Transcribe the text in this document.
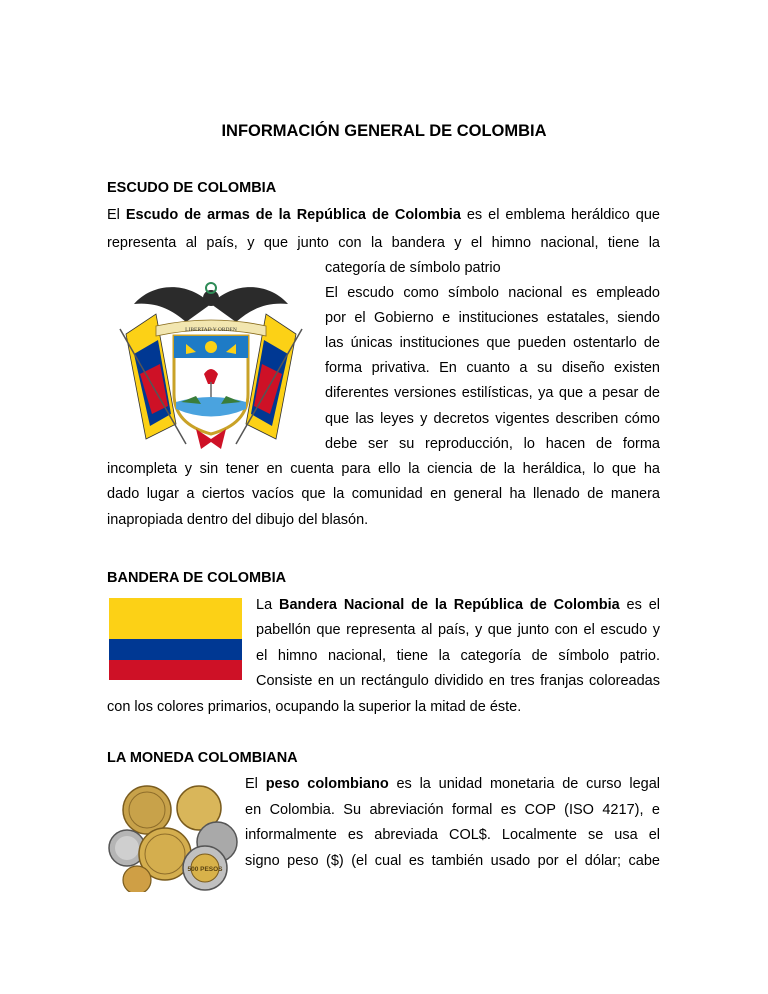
INFORMACIÓN GENERAL DE COLOMBIA
ESCUDO DE COLOMBIA
El Escudo de armas de la República de Colombia es el emblema heráldico que
representa al país, y que junto con la bandera y el himno nacional, tiene la
categoría de símbolo patrio
El escudo como símbolo nacional es empleado
por el Gobierno e instituciones estatales, siendo
las únicas instituciones que pueden ostentarlo de
forma privativa. En cuanto a su diseño existen
diferentes versiones estilísticas, ya que a pesar de
que las leyes y decretos vigentes describen cómo
debe ser su reproducción, lo hacen de forma
incompleta y sin tener en cuenta para ello la ciencia de la heráldica, lo que ha
dado lugar a ciertos vacíos que la comunidad en general ha llenado de manera
inapropiada dentro del dibujo del blasón.
LIBERTAD Y ORDEN
BANDERA DE COLOMBIA
La Bandera Nacional de la República de Colombia es el
pabellón que representa al país, y que junto con el escudo y
el himno nacional, tiene la categoría de símbolo patrio.
Consiste en un rectángulo dividido en tres franjas coloreadas
con los colores primarios, ocupando la superior la mitad de éste.
LA MONEDA COLOMBIANA
El peso colombiano es la unidad monetaria de curso legal
en Colombia. Su abreviación formal es COP (ISO 4217), e
informalmente es abreviada COL$. Localmente se usa el
signo peso ($) (el cual es también usado por el dólar; cabe
500 PESOS
